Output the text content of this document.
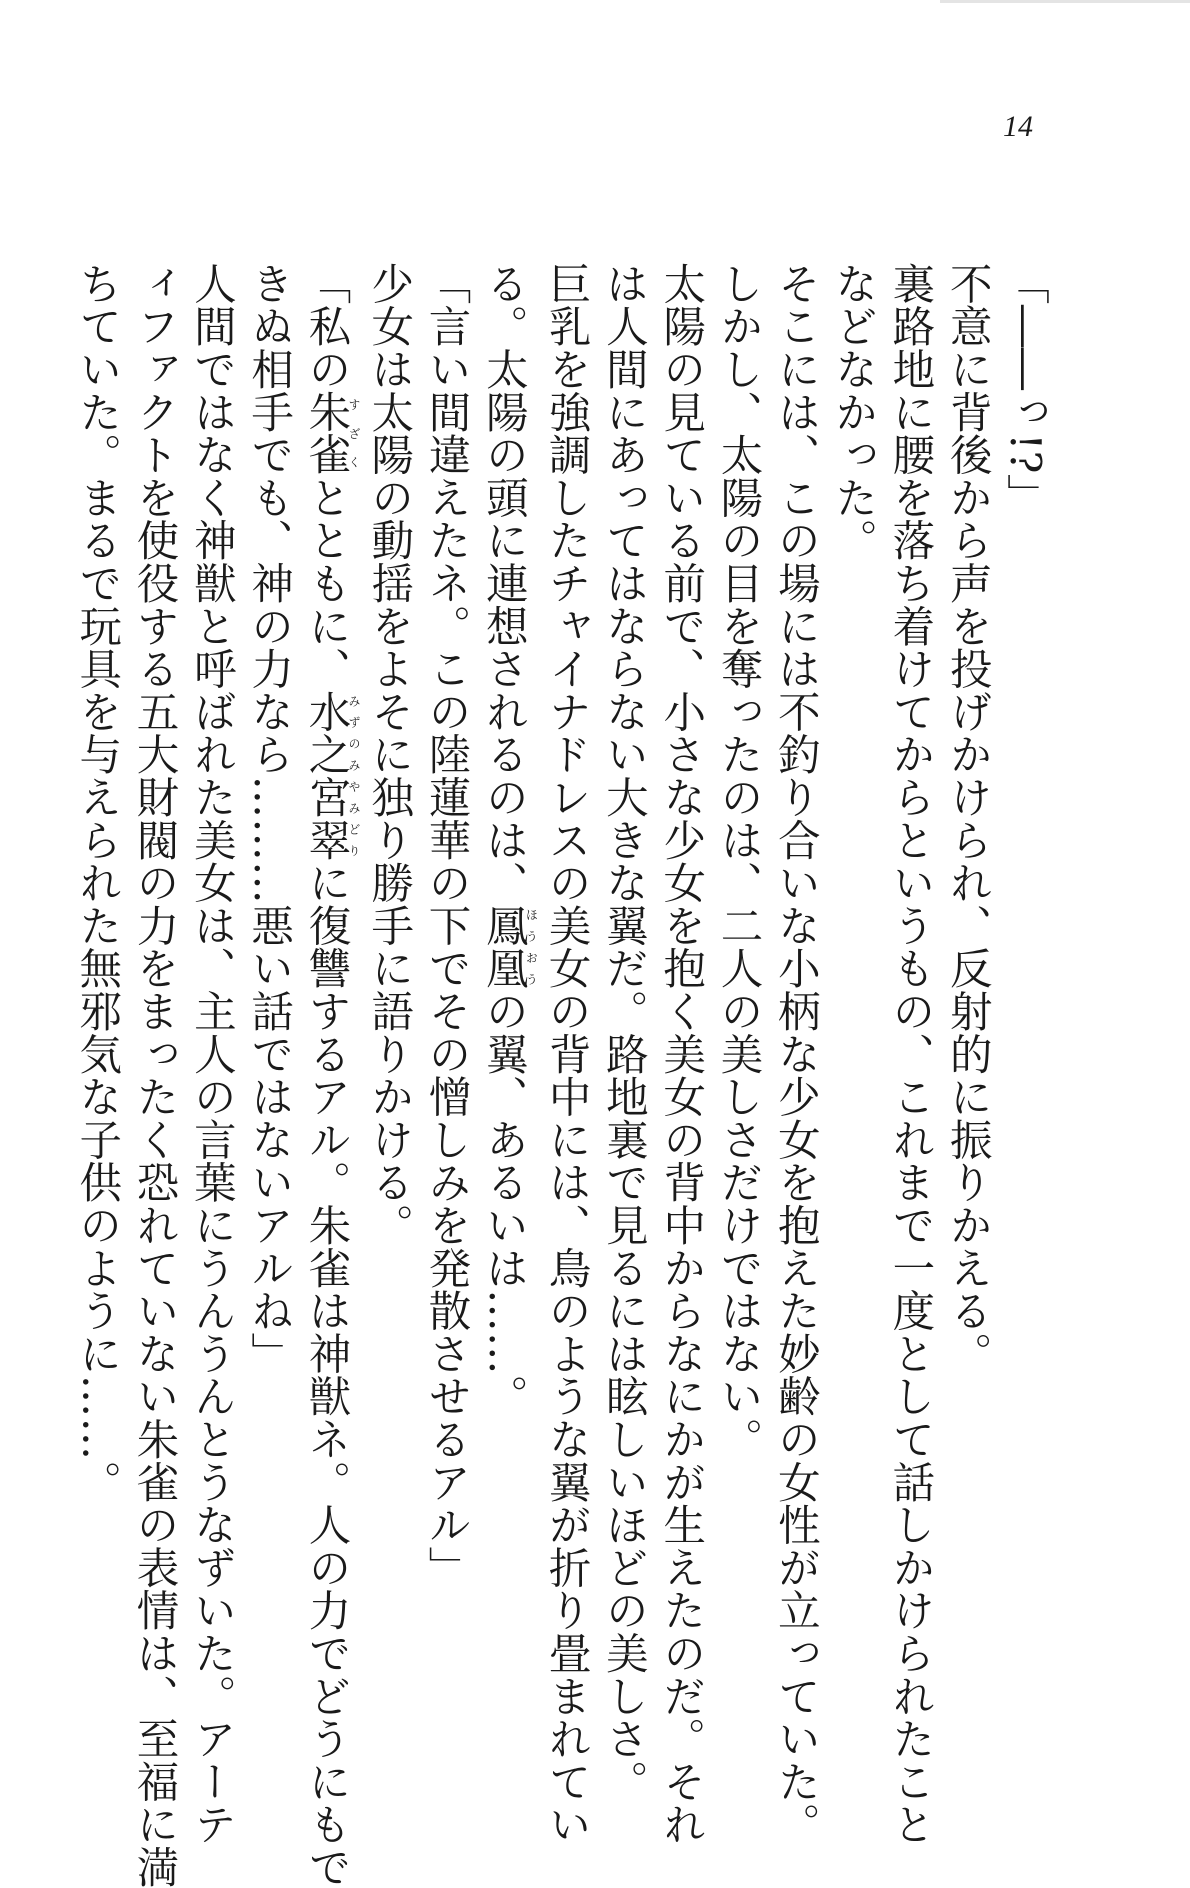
14
「――っ!?」
不意に背後から声を投げかけられ、反射的に振りかえる。
裏路地に腰を落ち着けてからというもの、これまで一度として話しかけられたこと
などなかった。
そこには、この場には不釣り合いな小柄な少女を抱えた妙齢の女性が立っていた。
しかし、太陽の目を奪ったのは、二人の美しさだけではない。
太陽の見ている前で、小さな少女を抱く美女の背中からなにかが生えたのだ。それ
は人間にあってはならない大きな翼だ。路地裏で見るには眩しいほどの美しさ。
巨乳を強調したチャイナドレスの美女の背中には、鳥のような翼が折り畳まれてい
る。太陽の頭に連想されるのは、鳳凰ほうおうの翼、あるいは……。
「言い間違えたネ。この陸蓮華の下でその憎しみを発散させるアル」
少女は太陽の動揺をよそに独り勝手に語りかける。
「私の朱雀すざくとともに、水之宮翠みずのみやみどりに復讐するアル。朱雀は神獣ネ。人の力でどうにもで
きぬ相手でも、神の力なら………悪い話ではないアルね」
人間ではなく神獣と呼ばれた美女は、主人の言葉にうんうんとうなずいた。アーテ
ィファクトを使役する五大財閥の力をまったく恐れていない朱雀の表情は、至福に満
ちていた。まるで玩具を与えられた無邪気な子供のように……。
